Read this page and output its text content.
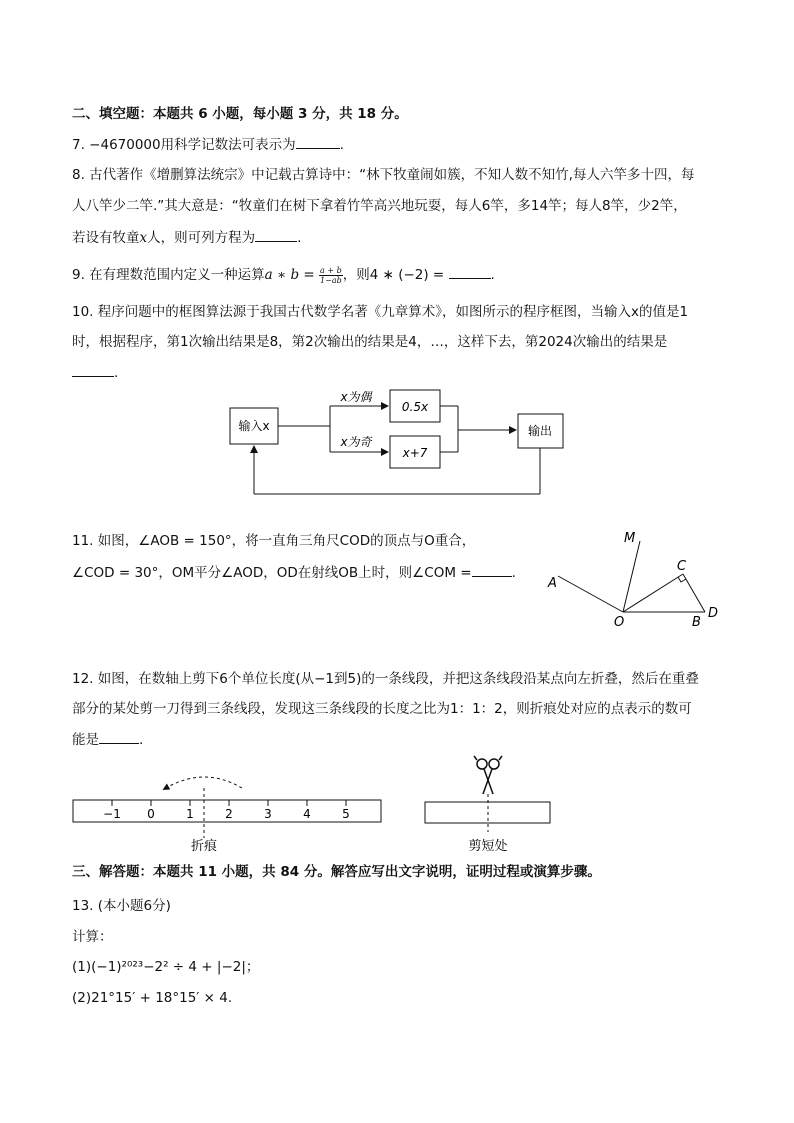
二、填空题：本题共 6 小题，每小题 3 分，共 18 分。
7. −4670000用科学记数法可表示为	.
8. 古代著作《增删算法统宗》中记载古算诗中：“林下牧童闹如簇，不知人数不知竹,每人六竿多十四，每
人八竿少二竿.”其大意是：“牧童们在树下拿着竹竿高兴地玩耍，每人6竿，多14竿；每人8竿，少2竿，
若设有牧童x人，则可列方程为	.
9. 在有理数范围内定义一种运算a ∗ $b = \frac{a + b}{1-ab}$ ，则4 ∗ (−2) =	.
10. 程序问题中的框图算法源于我国古代数学名著《九章算术》，如图所示的程序框图，当输入x的值是1
时，根据程序，第1次输出结果是8，第2次输出的结果是4，…，这样下去，第2024次输出的结果是
.
输入x
x为偶
x为奇
0.5x
x+7
输出
11. 如图，∠AOB = 150°，将一直角三角尺COD的顶点与O重合，
∠COD = 30°，OM平分∠AOD，OD在射线OB上时，则∠COM =	.
M
C
A
O	B
D
12. 如图，在数轴上剪下6个单位长度(从−1到5)的一条线段，并把这条线段沿某点向左折叠，然后在重叠
部分的某处剪一刀得到三条线段，发现这三条线段的长度之比为1：1：2，则折痕处对应的点表示的数可
能是	.
−1 0	1	2	3	4	5
折痕	剪短处
三、解答题：本题共 11 小题，共 84 分。解答应写出文字说明，证明过程或演算步骤。
13. (本小题6分)
计算：
(1)(−1)²⁰²³−2² ÷ 4 + |−2|；
(2)21°15′ + 18°15′ × 4.
